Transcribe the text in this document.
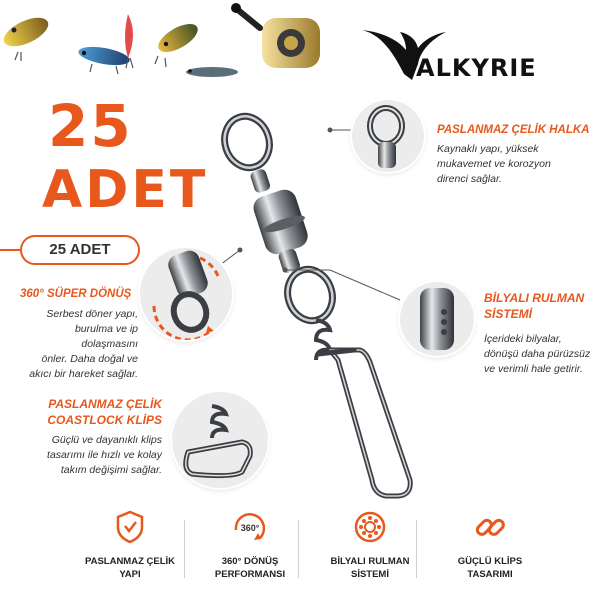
ALKYRIE
25
ADET
25 ADET
PASLANMAZ ÇELİK HALKA
Kaynaklı yapı, yüksek
mukavemet ve korozyon
direnci sağlar.
360° SÜPER DÖNÜŞ
Serbest döner yapı,
burulma ve ip dolaşmasını
önler. Daha doğal ve
akıcı bir hareket sağlar.
BİLYALI RULMAN
SİSTEMİ
İçerideki bilyalar,
dönüşü daha pürüzsüz
ve verimli hale getirir.
PASLANMAZ ÇELİK
COASTLOCK KLİPS
Güçlü ve dayanıklı klips
tasarımı ile hızlı ve kolay
takım değişimi sağlar.
PASLANMAZ ÇELİK
YAPI
360°
360° DÖNÜŞ
PERFORMANSI
BİLYALI RULMAN
SİSTEMİ
GÜÇLÜ KLİPS
TASARIMI
